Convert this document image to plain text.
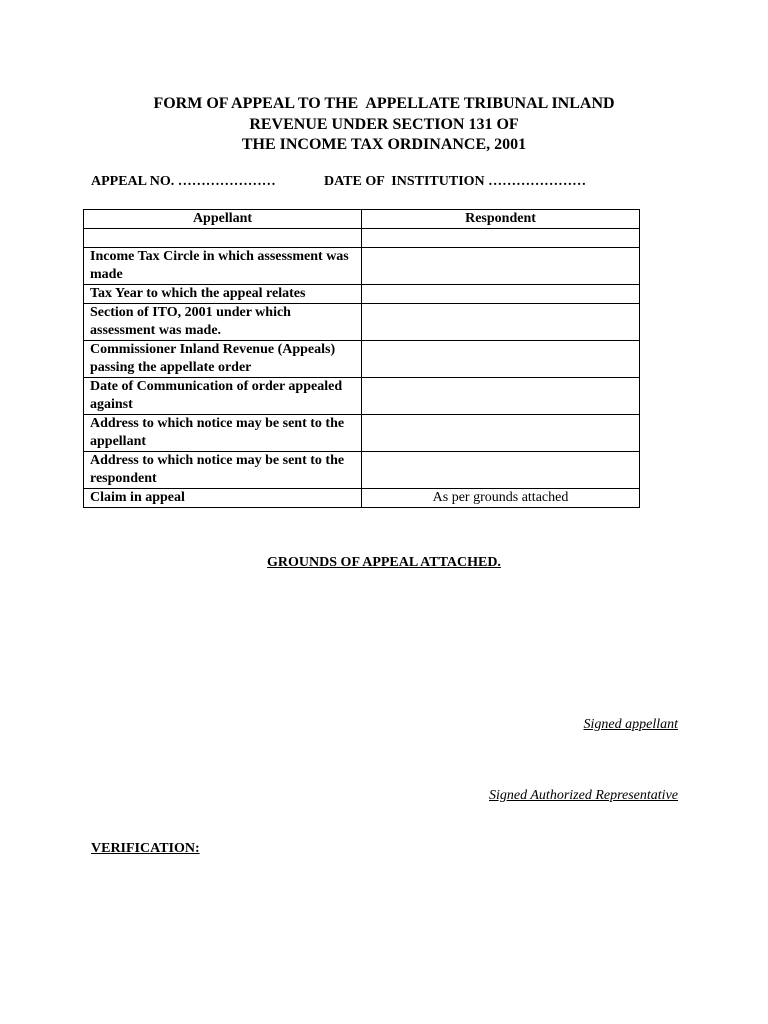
FORM OF APPEAL TO THE  APPELLATE TRIBUNAL INLAND
REVENUE UNDER SECTION 131 OF
THE INCOME TAX ORDINANCE, 2001
APPEAL NO. …………………	DATE OF  INSTITUTION …………………
Appellant	Respondent

Income Tax Circle in which assessment was made	
Tax Year to which the appeal relates	
Section of ITO, 2001 under which assessment was made.	
Commissioner Inland Revenue (Appeals) passing the appellate order	
Date of Communication of order appealed against	
Address to which notice may be sent to the appellant	
Address to which notice may be sent to the respondent	
Claim in appeal	As per grounds attached
GROUNDS OF APPEAL ATTACHED.
Signed appellant
Signed Authorized Representative
VERIFICATION:
